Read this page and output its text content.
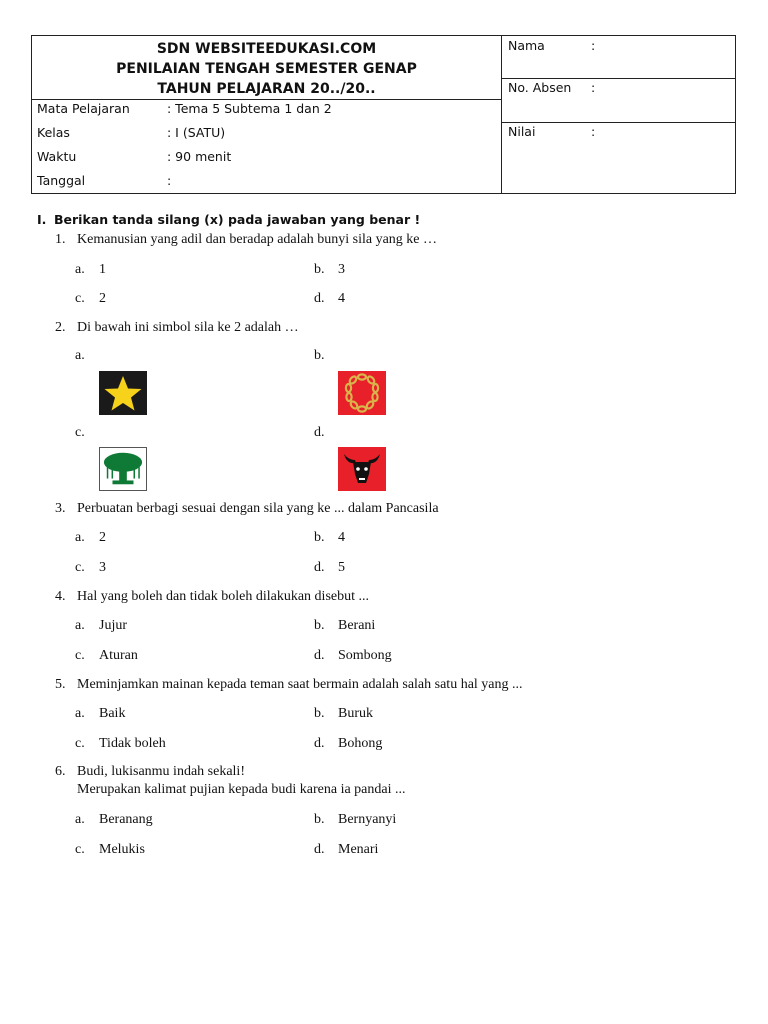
SDN WEBSITEEDUKASI.COM
PENILAIAN TENGAH SEMESTER GENAP
TAHUN PELAJARAN 20../20..
Mata Pelajaran	: Tema 5 Subtema 1 dan 2
Kelas	: I (SATU)
Waktu	: 90 menit
Tanggal	:
Nama	:
No. Absen :
Nilai	:
I. Berikan tanda silang (x) pada jawaban yang benar !
1. Kemanusian yang adil dan beradap adalah bunyi sila yang ke …
a. 1	b. 3
c. 2	d. 4
2. Di bawah ini simbol sila ke 2 adalah …
a.	b.
c.	d.
3. Perbuatan berbagi sesuai dengan sila yang ke ... dalam Pancasila
a. 2	b. 4
c. 3	d. 5
4. Hal yang boleh dan tidak boleh dilakukan disebut ...
a. Jujur	b. Berani
c. Aturan	d. Sombong
5. Meminjamkan mainan kepada teman saat bermain adalah salah satu hal yang ...
a. Baik	b. Buruk
c. Tidak boleh	d. Bohong
6. Budi, lukisanmu indah sekali!
Merupakan kalimat pujian kepada budi karena ia pandai ...
a. Beranang	b. Bernyanyi
c. Melukis	d. Menari
